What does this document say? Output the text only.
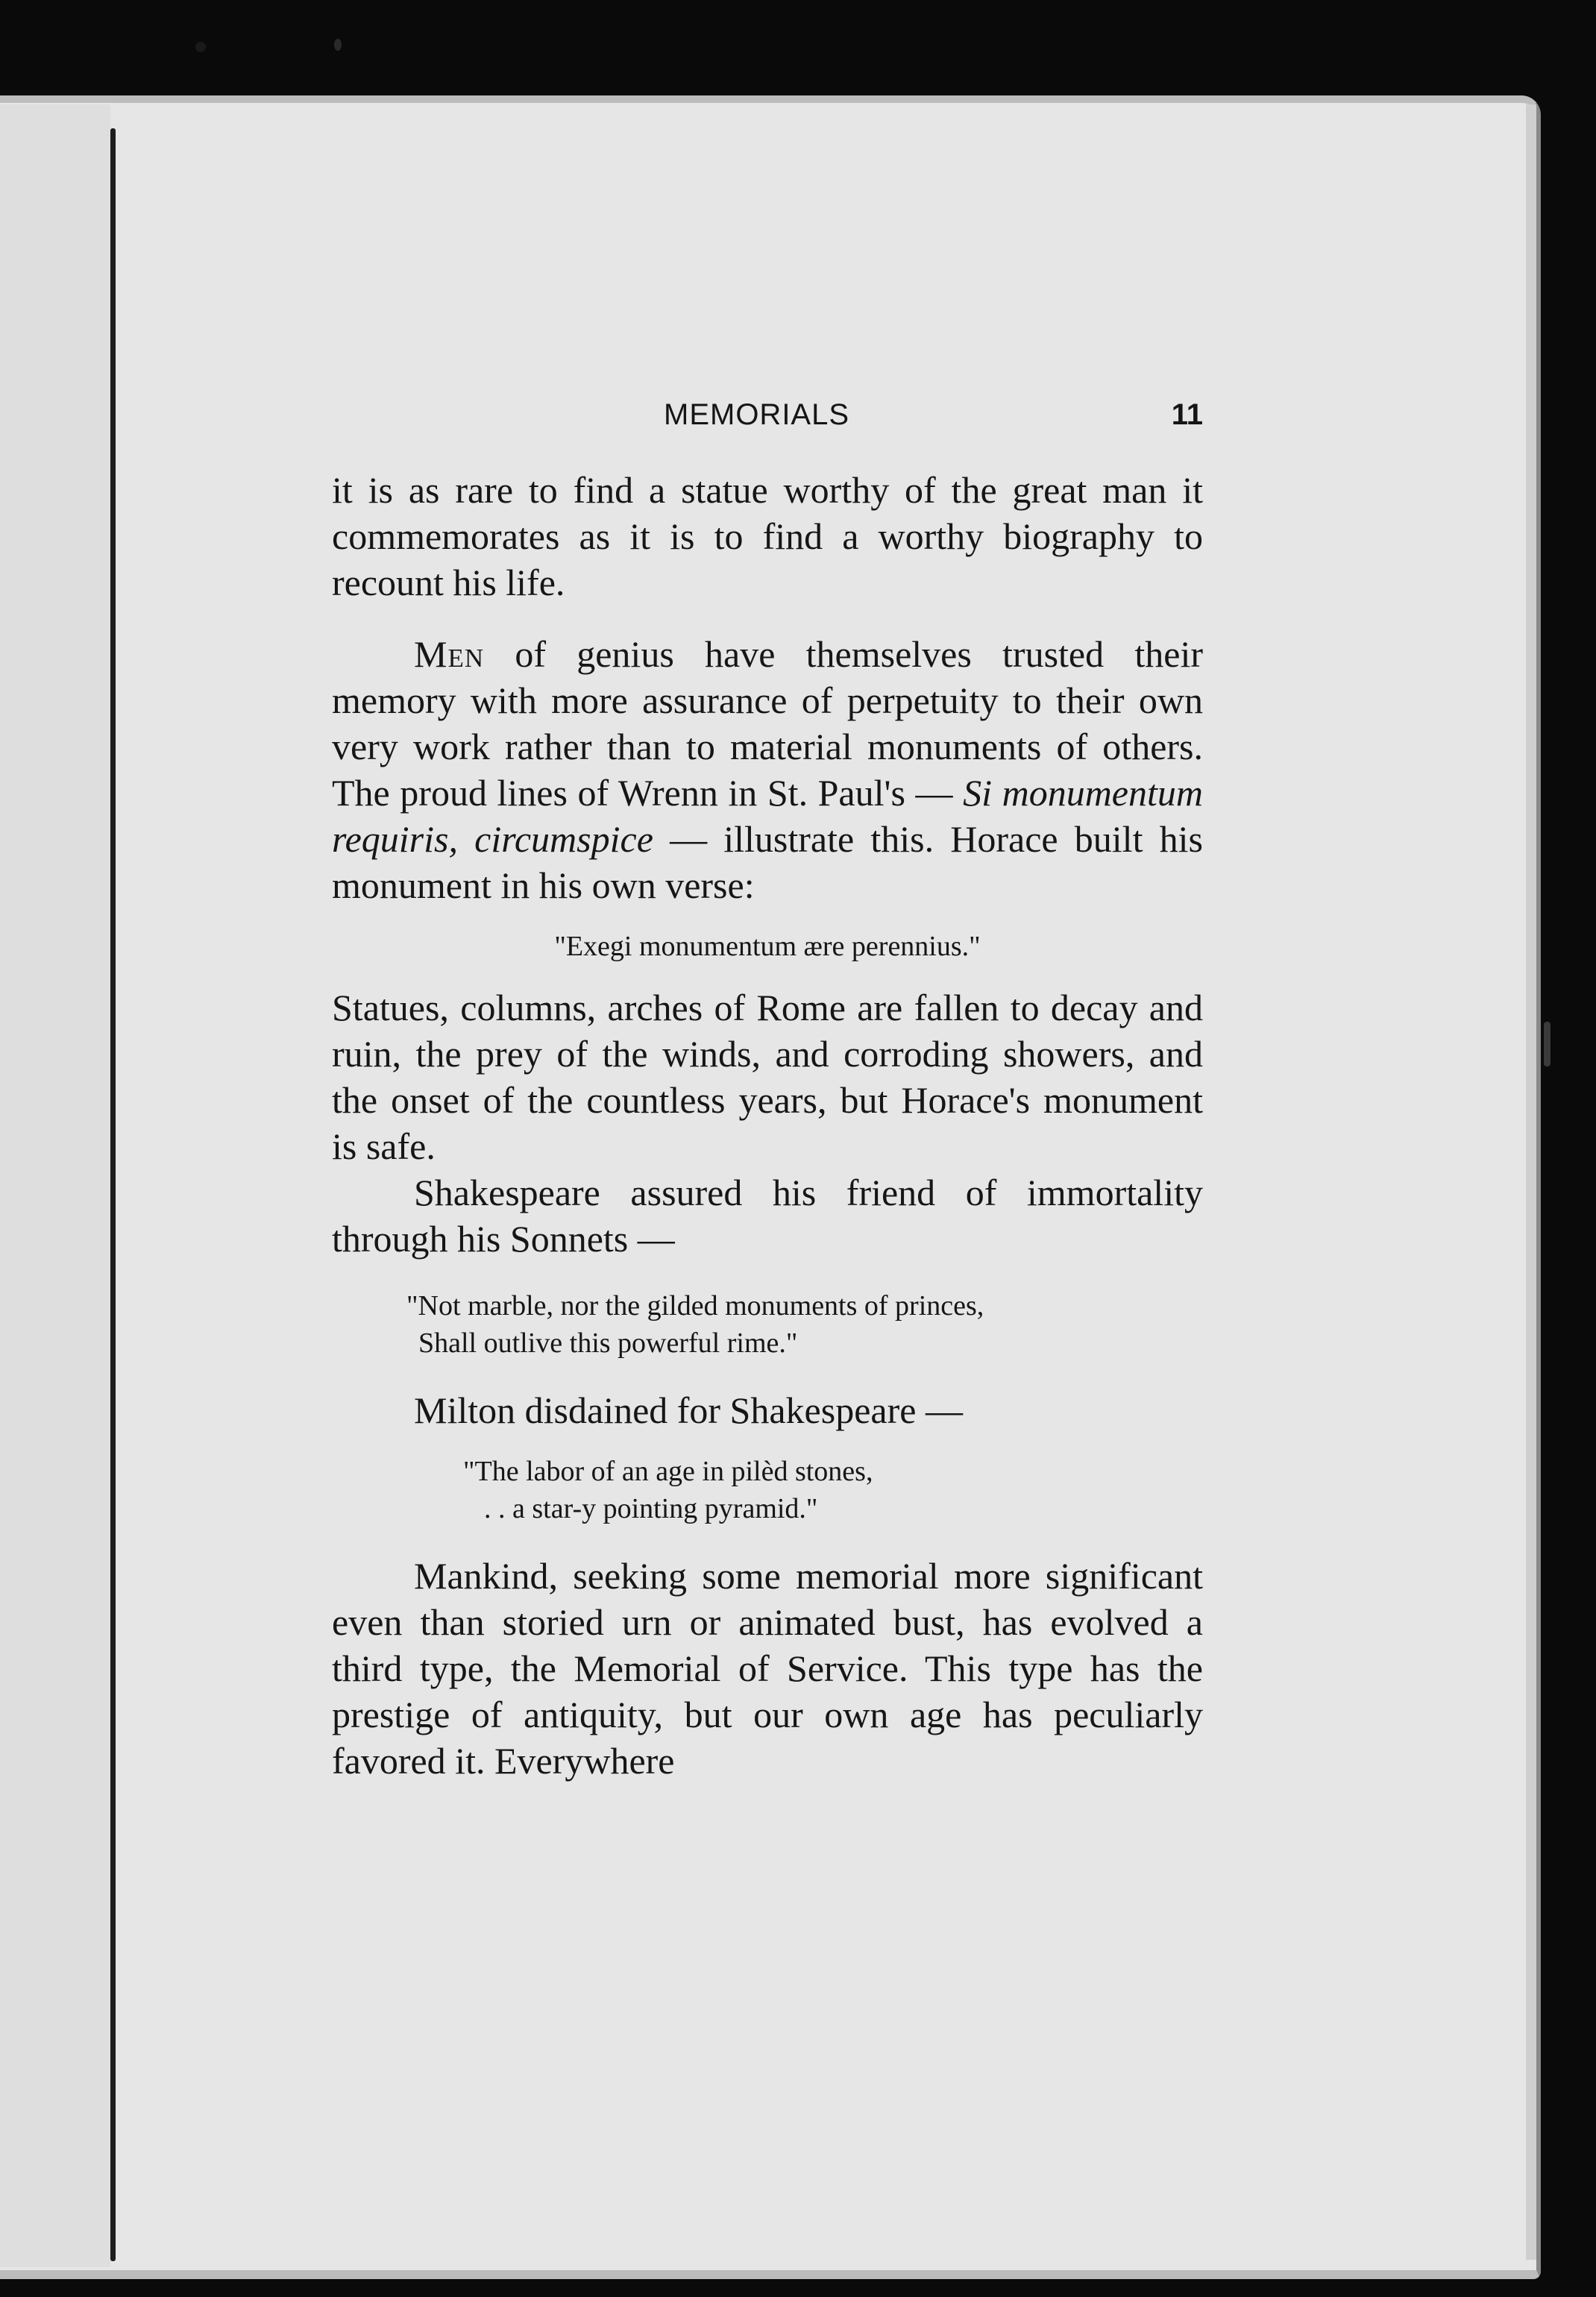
MEMORIALS	11

it is as rare to find a statue worthy of the great man it commemorates as it is to find a worthy biography to recount his life.

Men of genius have themselves trusted their memory with more assurance of perpetuity to their own very work rather than to material monuments of others. The proud lines of Wrenn in St. Paul's — Si monumentum requiris, circumspice — illustrate this. Horace built his monument in his own verse:

"Exegi monumentum ære perennius."

Statues, columns, arches of Rome are fallen to decay and ruin, the prey of the winds, and corroding showers, and the onset of the countless years, but Horace's monument is safe.

Shakespeare assured his friend of immortality through his Sonnets —

"Not marble, nor the gilded monuments of princes,
Shall outlive this powerful rime."

Milton disdained for Shakespeare —

"The labor of an age in pilèd stones,
. . a star-y pointing pyramid."

Mankind, seeking some memorial more significant even than storied urn or animated bust, has evolved a third type, the Memorial of Service. This type has the prestige of antiquity, but our own age has peculiarly favored it. Everywhere
